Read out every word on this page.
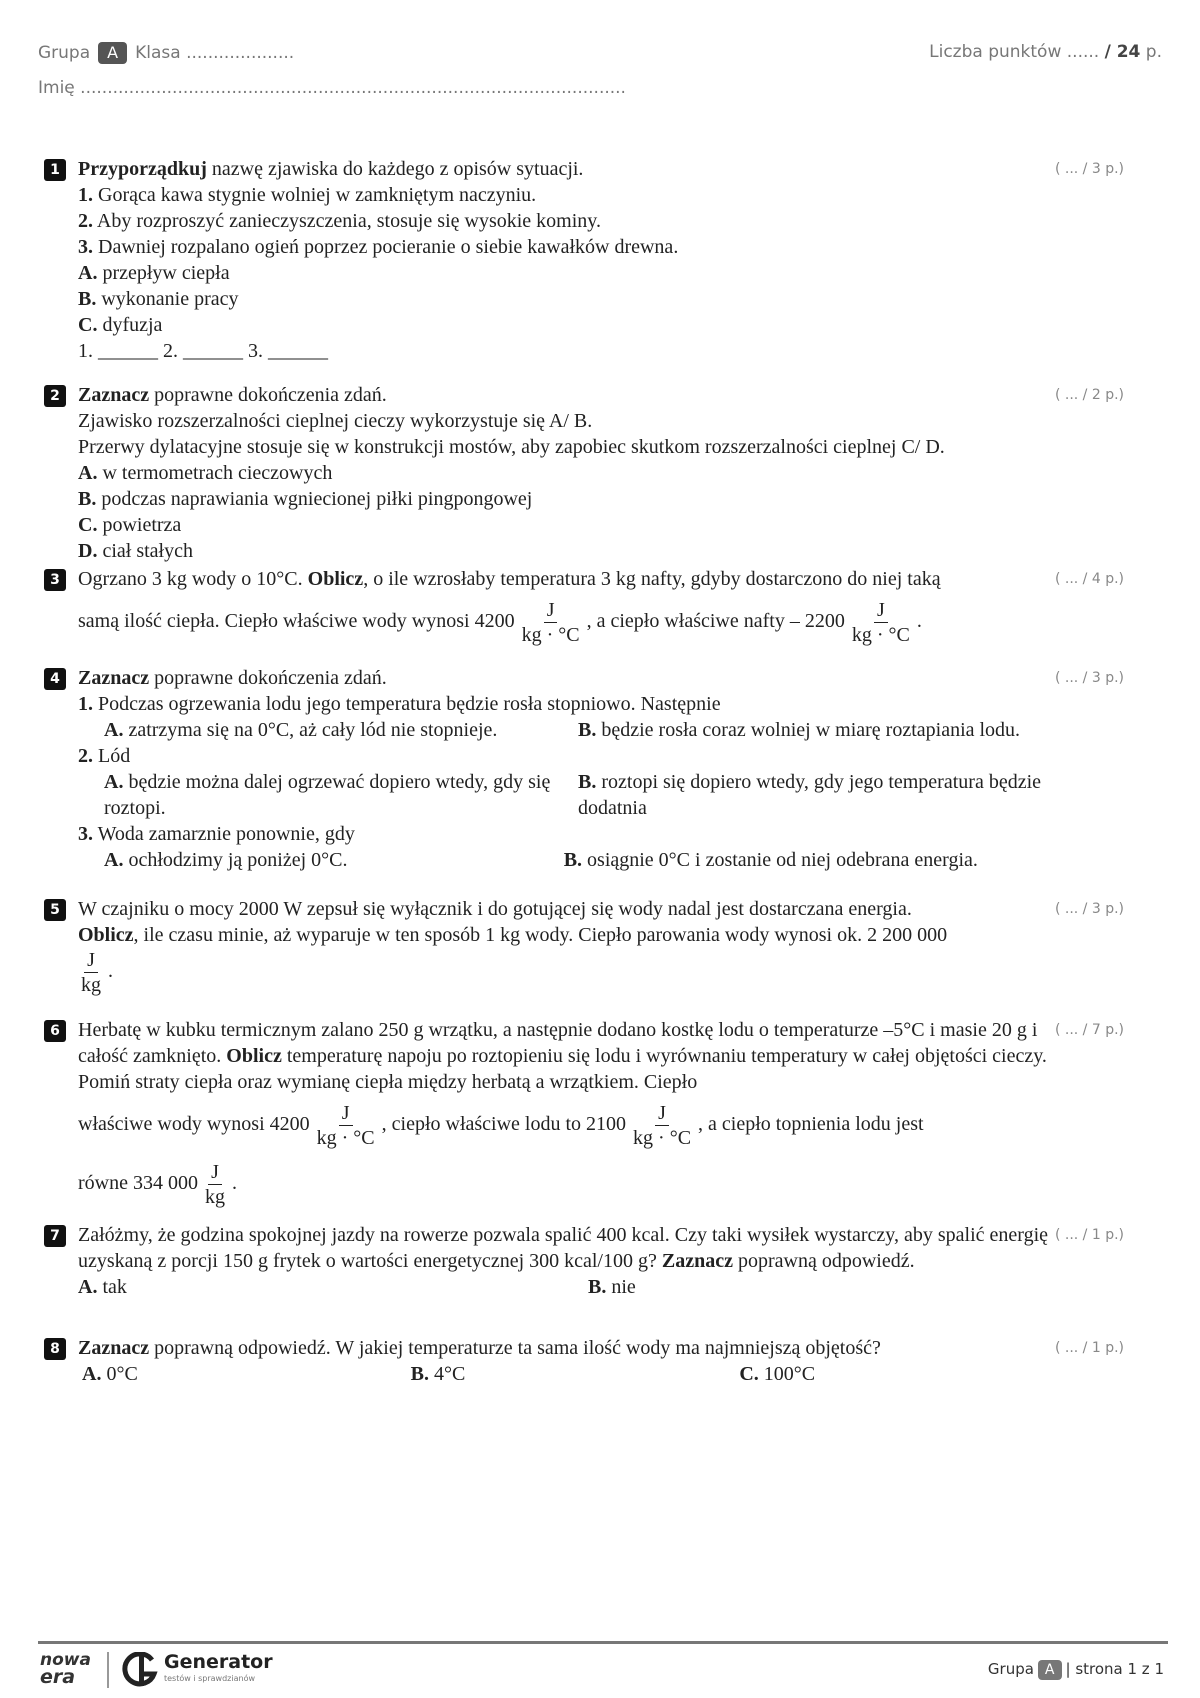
Grupa A Klasa ....................	Liczba punktów ...... / 24 p.
Imię .....................................................................................................
1	( ... / 3 p.)

Przyporządkuj nazwę zjawiska do każdego z opisów sytuacji.

1. Gorąca kawa stygnie wolniej w zamkniętym naczyniu.

2. Aby rozproszyć zanieczyszczenia, stosuje się wysokie kominy.

3. Dawniej rozpalano ogień poprzez pocieranie o siebie kawałków drewna.

A. przepływ ciepła

B. wykonanie pracy

C. dyfuzja

1. ______ 2. ______ 3. ______

2	( ... / 2 p.)

Zaznacz poprawne dokończenia zdań.

Zjawisko rozszerzalności cieplnej cieczy wykorzystuje się A/ B.

Przerwy dylatacyjne stosuje się w konstrukcji mostów, aby zapobiec skutkom rozszerzalności cieplnej C/ D.

A. w termometrach cieczowych

B. podczas naprawiania wgniecionej piłki pingpongowej

C. powietrza

D. ciał stałych

3	( ... / 4 p.)

Ogrzano 3 kg wody o 10°C. Oblicz, o ile wzrosłaby temperatura 3 kg nafty, gdyby dostarczono do niej taką

samą ilość ciepła. Ciepło właściwe wody wynosi $4200 \frac{J}{kg \cdot ^\circ C}$ , a ciepło właściwe nafty – $2200 \frac{J}{kg \cdot ^\circ C}$ .

4	( ... / 3 p.)

Zaznacz poprawne dokończenia zdań.

1. Podczas ogrzewania lodu jego temperatura będzie rosła stopniowo. Następnie

A. zatrzyma się na 0°C, aż cały lód nie stopnieje.	B. będzie rosła coraz wolniej w miarę roztapiania lodu.

2. Lód

A. będzie można dalej ogrzewać dopiero wtedy, gdy się roztopi.
B. roztopi się dopiero wtedy, gdy jego temperatura będzie dodatnia

3. Woda zamarznie ponownie, gdy

A. ochłodzimy ją poniżej 0°C.	B. osiągnie 0°C i zostanie od niej odebrana energia.
5	( ... / 3 p.)

W czajniku o mocy 2000 W zepsuł się wyłącznik i do gotującej się wody nadal jest dostarczana energia.

Oblicz, ile czasu minie, aż wyparuje w ten sposób 1 kg wody. Ciepło parowania wody wynosi ok. 2 200 000

$\frac{J}{kg}$ .

6	( ... / 7 p.)

Herbatę w kubku termicznym zalano 250 g wrzątku, a następnie dodano kostkę lodu o temperaturze –5°C i masie 20 g i całość zamknięto. Oblicz temperaturę napoju po roztopieniu się lodu i wyrównaniu temperatury w całej objętości cieczy. Pomiń straty ciepła oraz wymianę ciepła między herbatą a wrzątkiem. Ciepło

właściwe wody wynosi $4200 \frac{J}{kg \cdot ^\circ C}$ , ciepło właściwe lodu to $2100 \frac{J}{kg \cdot ^\circ C}$ , a ciepło topnienia lodu jest

równe 334 $000 \frac{J}{kg}$ .

7	( ... / 1 p.)

Załóżmy, że godzina spokojnej jazdy na rowerze pozwala spalić 400 kcal. Czy taki wysiłek wystarczy, aby spalić energię uzyskaną z porcji 150 g frytek o wartości energetycznej 300 kcal/100 g? Zaznacz poprawną odpowiedź.

A. tak	B. nie
8	( ... / 1 p.)

Zaznacz poprawną odpowiedź. W jakiej temperaturze ta sama ilość wody ma najmniejszą objętość?

A. 0°C	B. 4°C	C. 100°C
nowa
era
Generator
testów i sprawdzianów
Grupa A | strona 1 z 1
